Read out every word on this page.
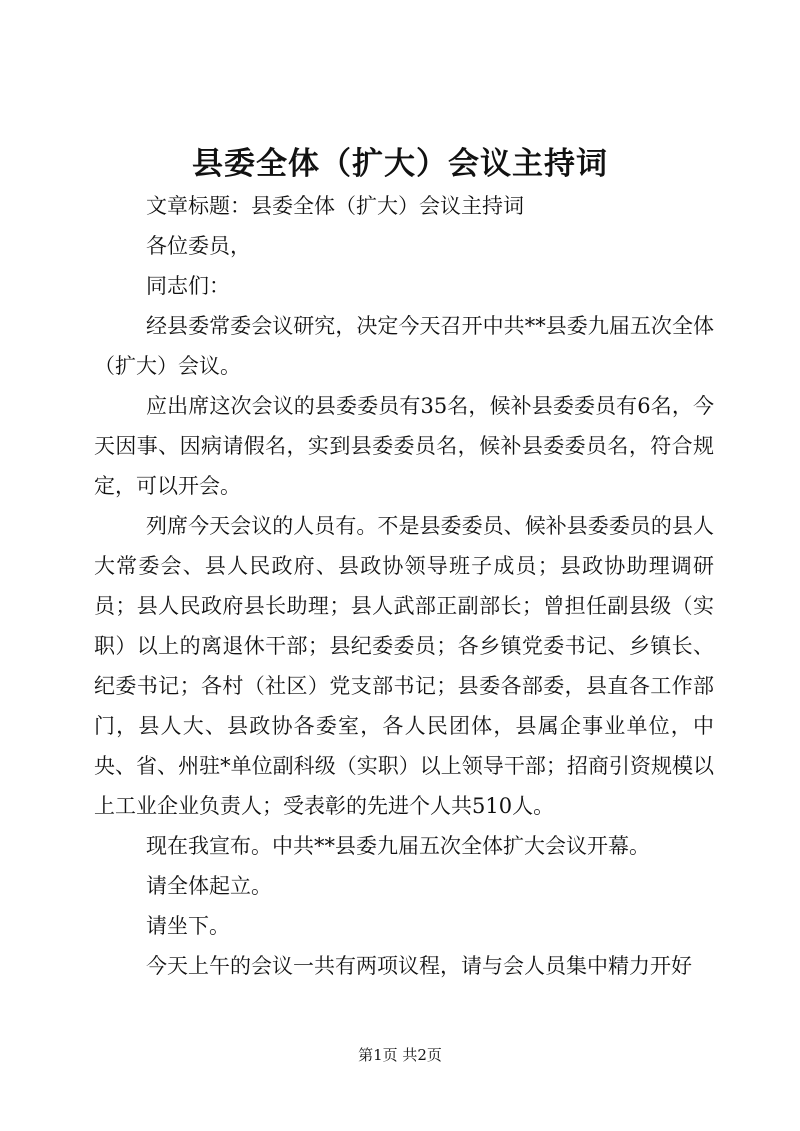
县委全体（扩大）会议主持词

文章标题：县委全体（扩大）会议主持词

各位委员，

同志们：

经县委常委会议研究，决定今天召开中共**县委九届五次全体（扩大）会议。

应出席这次会议的县委委员有35名，候补县委委员有6名，今天因事、因病请假名，实到县委委员名，候补县委委员名，符合规定，可以开会。

列席今天会议的人员有。不是县委委员、候补县委委员的县人大常委会、县人民政府、县政协领导班子成员；县政协助理调研员；县人民政府县长助理；县人武部正副部长；曾担任副县级（实职）以上的离退休干部；县纪委委员；各乡镇党委书记、乡镇长、纪委书记；各村（社区）党支部书记；县委各部委，县直各工作部门，县人大、县政协各委室，各人民团体，县属企事业单位，中央、省、州驻*单位副科级（实职）以上领导干部；招商引资规模以上工业企业负责人；受表彰的先进个人共510人。

现在我宣布。中共**县委九届五次全体扩大会议开幕。

请全体起立。

请坐下。

今天上午的会议一共有两项议程，请与会人员集中精力开好

第1页 共2页
